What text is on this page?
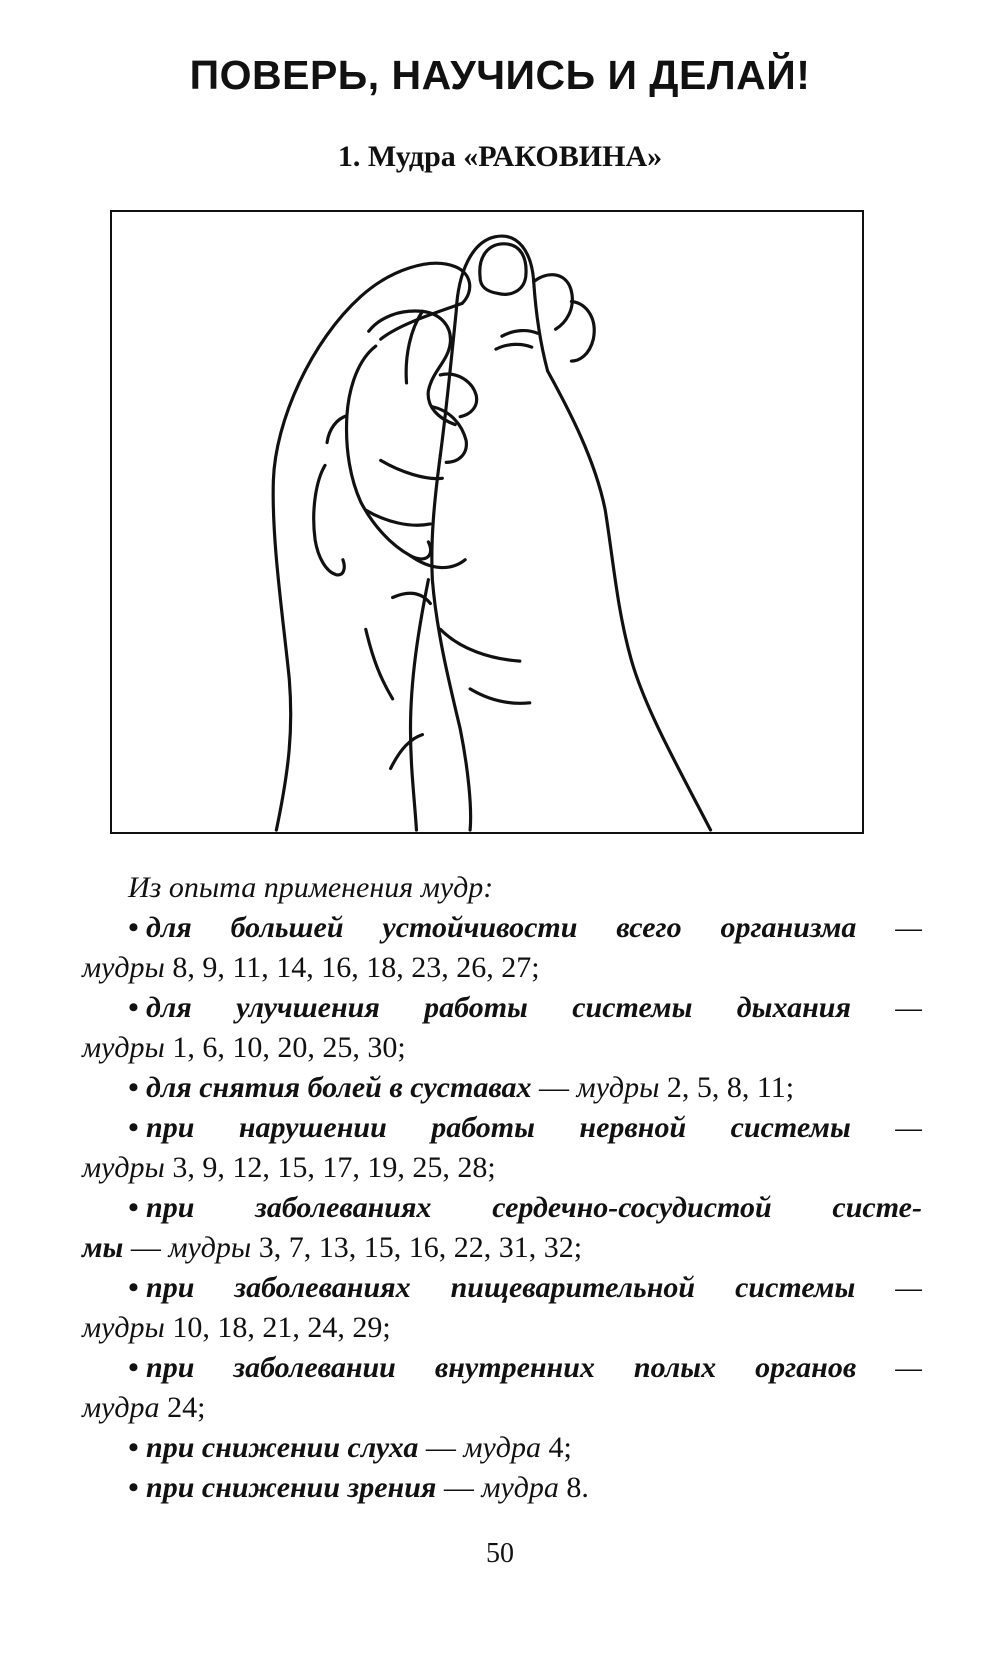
ПОВЕРЬ, НАУЧИСЬ И ДЕЛАЙ!
1. Мудра «РАКОВИНА»
Из опыта применения мудр:
• для большей устойчивости всего организма —
мудры 8, 9, 11, 14, 16, 18, 23, 26, 27;
• для улучшения работы системы дыхания —
мудры 1, 6, 10, 20, 25, 30;
• для снятия болей в суставах — мудры 2, 5, 8, 11;
• при нарушении работы нервной системы —
мудры 3, 9, 12, 15, 17, 19, 25, 28;
• при заболеваниях сердечно-сосудистой систе-
мы — мудры 3, 7, 13, 15, 16, 22, 31, 32;
• при заболеваниях пищеварительной системы —
мудры 10, 18, 21, 24, 29;
• при заболевании внутренних полых органов —
мудра 24;
• при снижении слуха — мудра 4;
• при снижении зрения — мудра 8.
50
